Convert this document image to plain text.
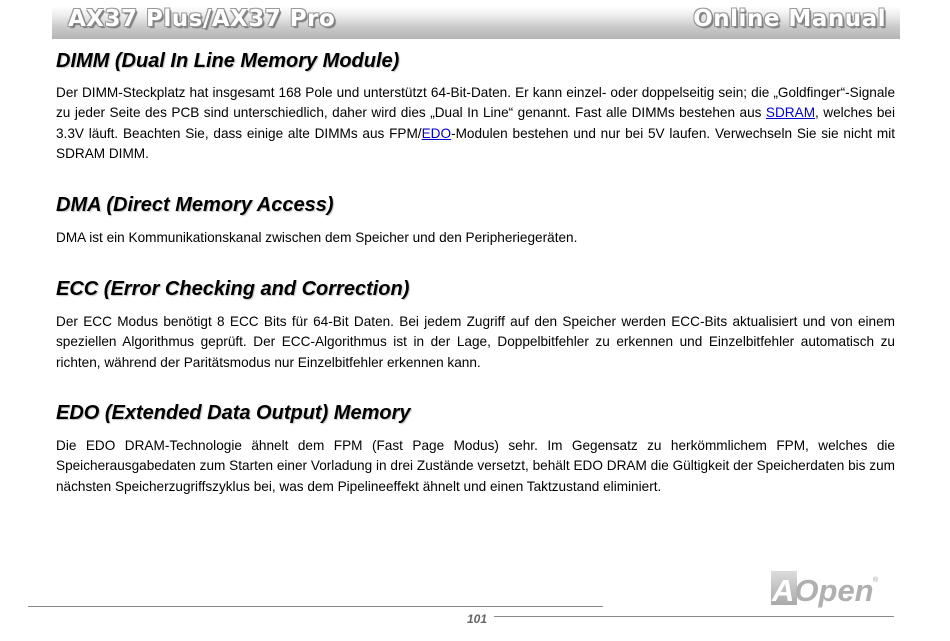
AX37 Plus/AX37 Pro	Online Manual
DIMM (Dual In Line Memory Module)

Der DIMM-Steckplatz hat insgesamt 168 Pole und unterstützt 64-Bit-Daten. Er kann einzel- oder doppelseitig sein; die „Goldfinger“-Signale zu jeder Seite des PCB sind unterschiedlich, daher wird dies „Dual In Line“ genannt. Fast alle DIMMs bestehen aus SDRAM, welches bei 3.3V läuft. Beachten Sie, dass einige alte DIMMs aus FPM/EDO-Modulen bestehen und nur bei 5V laufen. Verwechseln Sie sie nicht mit SDRAM DIMM.

DMA (Direct Memory Access)

DMA ist ein Kommunikationskanal zwischen dem Speicher und den Peripheriegeräten.

ECC (Error Checking and Correction)

Der ECC Modus benötigt 8 ECC Bits für 64-Bit Daten. Bei jedem Zugriff auf den Speicher werden ECC-Bits aktualisiert und von einem speziellen Algorithmus geprüft. Der ECC-Algorithmus ist in der Lage, Doppelbitfehler zu erkennen und Einzelbitfehler automatisch zu richten, während der Paritätsmodus nur Einzelbitfehler erkennen kann.

EDO (Extended Data Output) Memory

Die EDO DRAM-Technologie ähnelt dem FPM (Fast Page Modus) sehr. Im Gegensatz zu herkömmlichem FPM, welches die Speicherausgabedaten zum Starten einer Vorladung in drei Zustände versetzt, behält EDO DRAM die Gültigkeit der Speicherdaten bis zum nächsten Speicherzugriffszyklus bei, was dem Pipelineeffekt ähnelt und einen Taktzustand eliminiert.

101
AOpen ®
